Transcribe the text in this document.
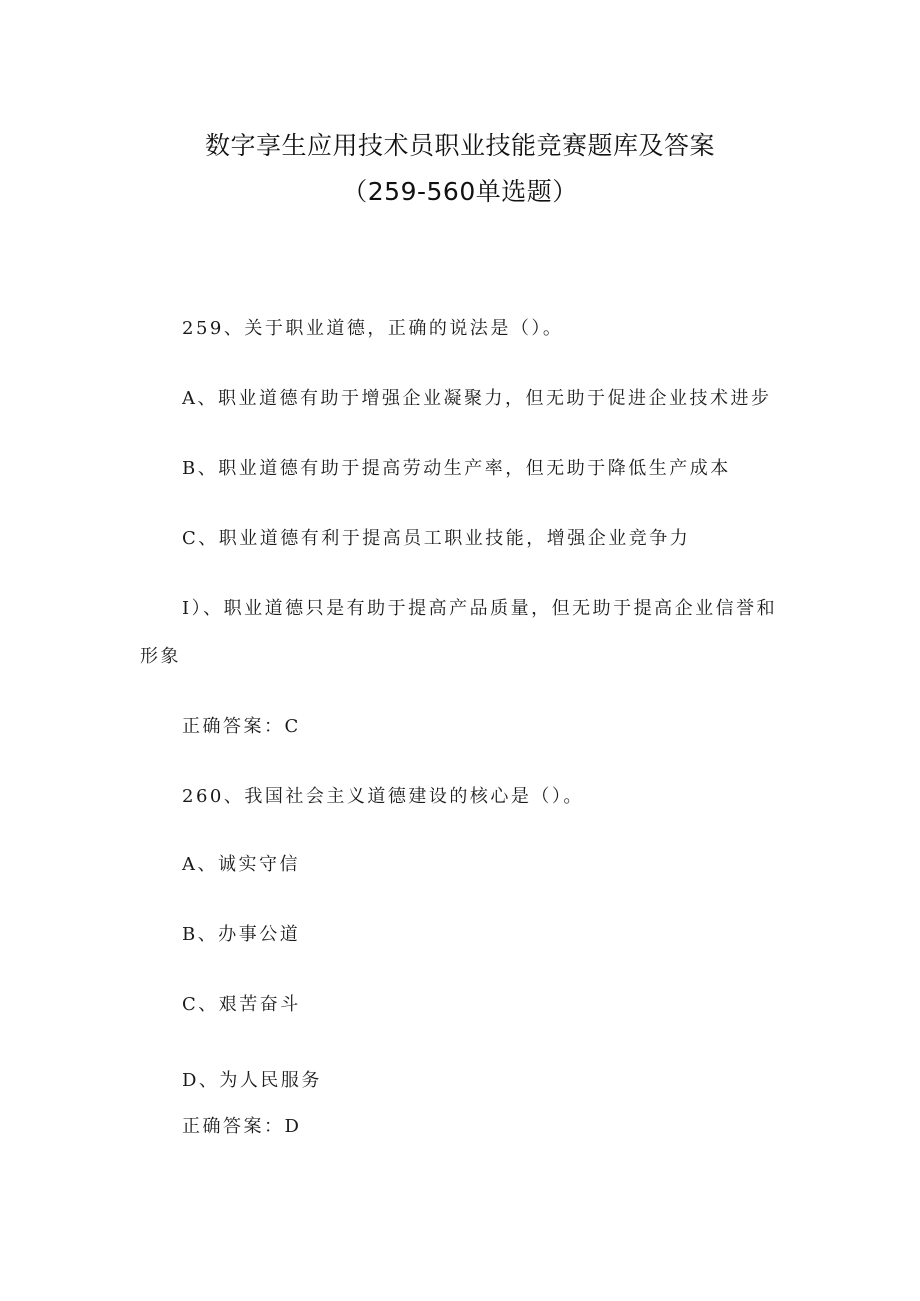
数字享生应用技术员职业技能竞赛题库及答案
（259-560单选题）
259、关于职业道德，正确的说法是（）。
A、职业道德有助于增强企业凝聚力，但无助于促进企业技术进步
B、职业道德有助于提高劳动生产率，但无助于降低生产成本
C、职业道德有利于提高员工职业技能，增强企业竞争力
I）、职业道德只是有助于提高产品质量，但无助于提高企业信誉和
形象
正确答案：C
260、我国社会主义道德建设的核心是（）。
A、诚实守信
B、办事公道
C、艰苦奋斗
D、为人民服务
正确答案：D
